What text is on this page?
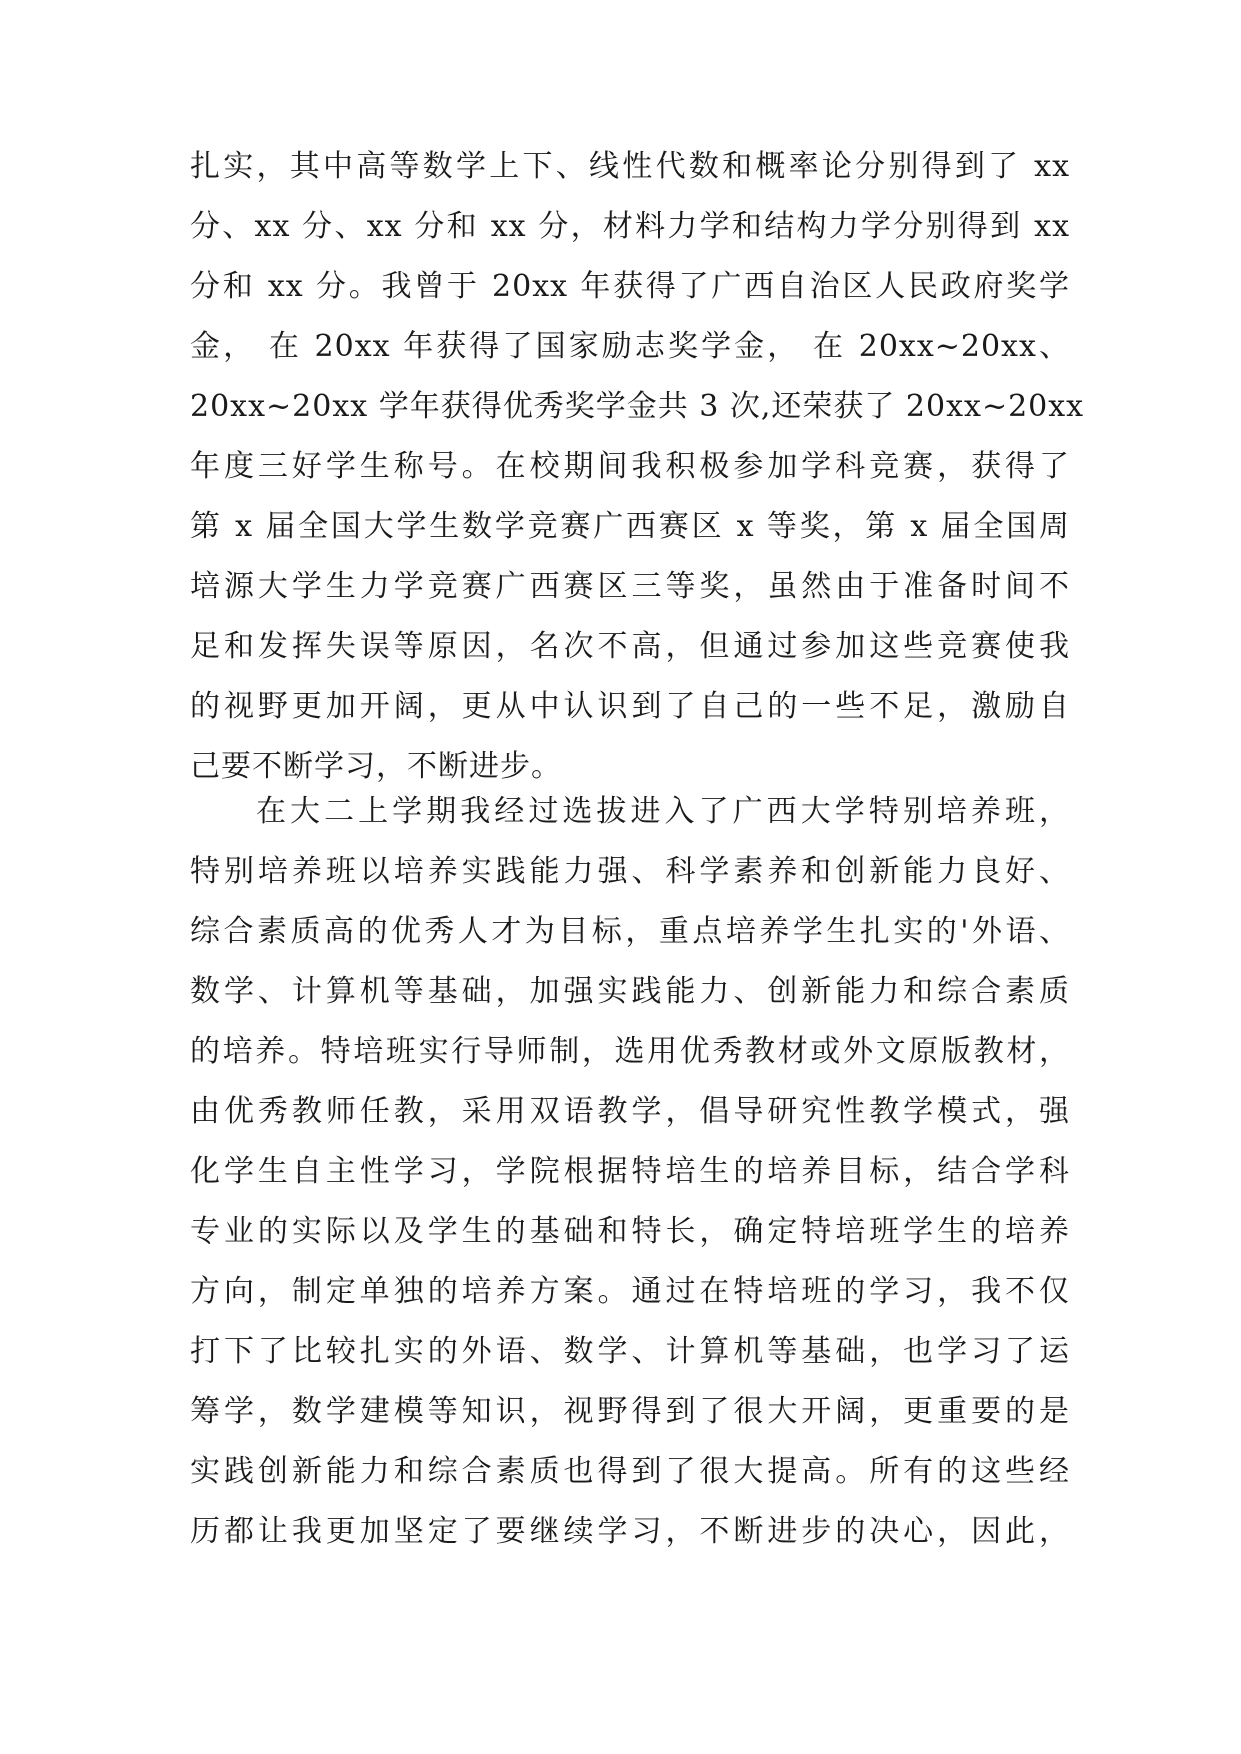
扎实，其中高等数学上下、线性代数和概率论分别得到了 xx
分、xx 分、xx 分和 xx 分，材料力学和结构力学分别得到 xx
分和 xx 分。我曾于 20xx 年获得了广西自治区人民政府奖学
金， 在 20xx 年获得了国家励志奖学金， 在 20xx~20xx、
20xx~20xx 学年获得优秀奖学金共 3 次,还荣获了 20xx~20xx
年度三好学生称号。在校期间我积极参加学科竞赛，获得了
第 x 届全国大学生数学竞赛广西赛区 x 等奖，第 x 届全国周
培源大学生力学竞赛广西赛区三等奖，虽然由于准备时间不
足和发挥失误等原因，名次不高，但通过参加这些竞赛使我
的视野更加开阔，更从中认识到了自己的一些不足，激励自
己要不断学习，不断进步。
在大二上学期我经过选拔进入了广西大学特别培养班，
特别培养班以培养实践能力强、科学素养和创新能力良好、
综合素质高的优秀人才为目标，重点培养学生扎实的'外语、
数学、计算机等基础，加强实践能力、创新能力和综合素质
的培养。特培班实行导师制，选用优秀教材或外文原版教材，
由优秀教师任教，采用双语教学，倡导研究性教学模式，强
化学生自主性学习，学院根据特培生的培养目标，结合学科
专业的实际以及学生的基础和特长，确定特培班学生的培养
方向，制定单独的培养方案。通过在特培班的学习，我不仅
打下了比较扎实的外语、数学、计算机等基础，也学习了运
筹学，数学建模等知识，视野得到了很大开阔，更重要的是
实践创新能力和综合素质也得到了很大提高。所有的这些经
历都让我更加坚定了要继续学习，不断进步的决心，因此，
